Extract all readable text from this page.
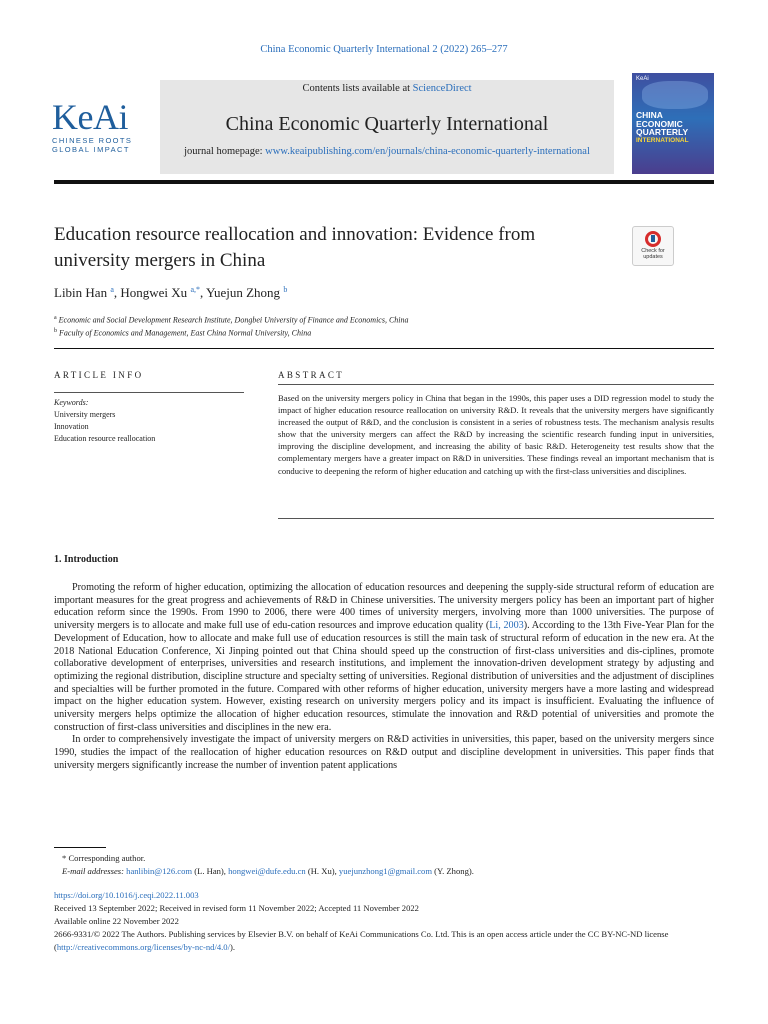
China Economic Quarterly International 2 (2022) 265–277
KeAi
CHINESE ROOTS
GLOBAL IMPACT
Contents lists available at ScienceDirect
China Economic Quarterly International
journal homepage: www.keaipublishing.com/en/journals/china-economic-quarterly-international
KeAi
CHINA
ECONOMIC
QUARTERLY
INTERNATIONAL
Education resource reallocation and innovation: Evidence from university mergers in China	Check for
updates
Libin Han $^a$, Hongwei Xu $^{a,*}$, Yuejun Zhong $^b$
$^a$ Economic and Social Development Research Institute, Dongbei University of Finance and Economics, China
$^b$ Faculty of Economics and Management, East China Normal University, China
ARTICLE INFO	ABSTRACT
Keywords:
University mergers
Innovation
Education resource reallocation
Based on the university mergers policy in China that began in the 1990s, this paper uses a DID regression model to study the impact of higher education resource reallocation on university R&D. It reveals that the university mergers have significantly increased the output of R&D, and the conclusion is consistent in a series of robustness tests. The mechanism analysis results show that the university mergers can affect the R&D by increasing the scientific research funding input in universities, improving the discipline development, and increasing the ability of basic R&D. Heterogeneity test results show that the complementary mergers have a greater impact on R&D in universities. These findings reveal an important mechanism that is conducive to deepening the reform of higher education and catching up with the first-class universities and disciplines.
1. Introduction

Promoting the reform of higher education, optimizing the allocation of education resources and deepening the supply-side structural reform of education are important measures for the great progress and achievements of R&D in Chinese universities. The university mergers policy has been an important part of higher education reform since the 1990s. From 1990 to 2006, there were 400 times of university mergers, involving more than 1000 universities. The purpose of university mergers is to allocate and make full use of edu-cation resources and improve education quality (Li, 2003). According to the 13th Five-Year Plan for the Development of Education, how to allocate and make full use of education resources is still the main task of structural reform of education in the new era. At the 2018 National Education Conference, Xi Jinping pointed out that China should speed up the construction of first-class universities and dis-ciplines, promote collaborative development of enterprises, universities and research institutions, and implement the innovation-driven development strategy by adjusting and optimizing the regional distribution, discipline structure and specialty setting of universities. Regional distribution of universities and the adjustment of disciplines and specialties will be further promoted in the future. Compared with other reforms of higher education, university mergers have a more lasting and widespread impact on the higher education system. However, existing research on university mergers policy and its impact is insufficient. Evaluating the influence of university mergers helps optimize the allocation of higher education resources, stimulate the innovation and R&D potential of universities and promote the construction of first-class universities and disciplines in the new era.

In order to comprehensively investigate the impact of university mergers on R&D activities in universities, this paper, based on the university mergers since 1990, studies the impact of the reallocation of higher education resources on R&D output and discipline development in universities. This paper finds that university mergers significantly increase the number of invention patent applications

* Corresponding author.
E-mail addresses: hanlibin@126.com (L. Han), hongwei@dufe.edu.cn (H. Xu), yuejunzhong1@gmail.com (Y. Zhong).
https://doi.org/10.1016/j.ceqi.2022.11.003
Received 13 September 2022; Received in revised form 11 November 2022; Accepted 11 November 2022
Available online 22 November 2022
2666-9331/© 2022 The Authors. Publishing services by Elsevier B.V. on behalf of KeAi Communications Co. Ltd. This is an open access article under the CC BY-NC-ND license (http://creativecommons.org/licenses/by-nc-nd/4.0/).
